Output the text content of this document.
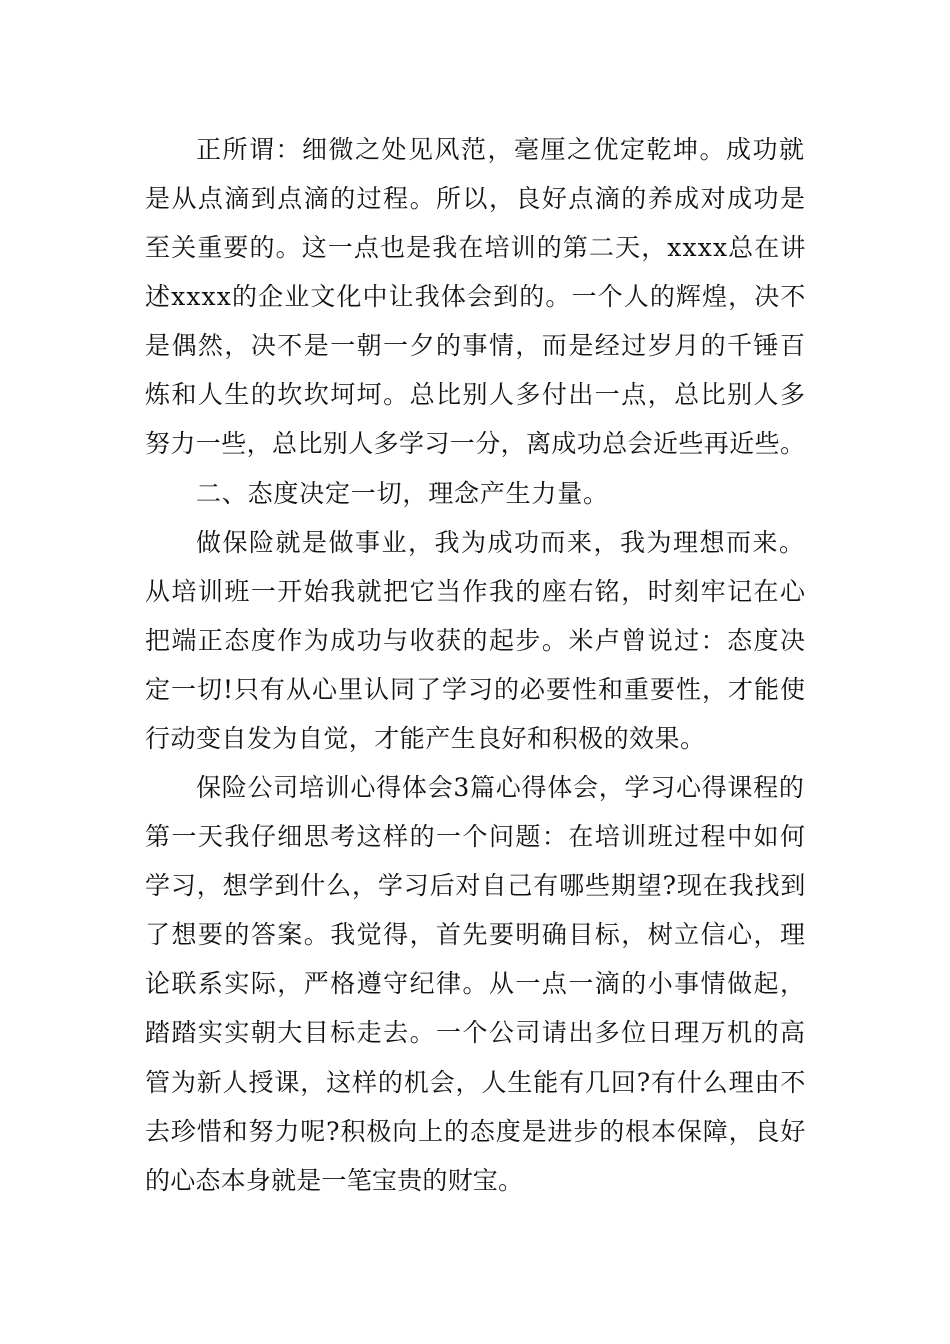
正所谓：细微之处见风范，毫厘之优定乾坤。成功就
是从点滴到点滴的过程。所以，良好点滴的养成对成功是
至关重要的。这一点也是我在培训的第二天，xxxx总在讲
述xxxx的企业文化中让我体会到的。一个人的辉煌，决不
是偶然，决不是一朝一夕的事情，而是经过岁月的千锤百
炼和人生的坎坎坷坷。总比别人多付出一点，总比别人多
努力一些，总比别人多学习一分，离成功总会近些再近些。
二、态度决定一切，理念产生力量。
做保险就是做事业，我为成功而来，我为理想而来。
从培训班一开始我就把它当作我的座右铭，时刻牢记在心
把端正态度作为成功与收获的起步。米卢曾说过：态度决
定一切!只有从心里认同了学习的必要性和重要性，才能使
行动变自发为自觉，才能产生良好和积极的效果。
保险公司培训心得体会3篇心得体会，学习心得课程的
第一天我仔细思考这样的一个问题：在培训班过程中如何
学习，想学到什么，学习后对自己有哪些期望?现在我找到
了想要的答案。我觉得，首先要明确目标，树立信心，理
论联系实际，严格遵守纪律。从一点一滴的小事情做起，
踏踏实实朝大目标走去。一个公司请出多位日理万机的高
管为新人授课，这样的机会，人生能有几回?有什么理由不
去珍惜和努力呢?积极向上的态度是进步的根本保障，良好
的心态本身就是一笔宝贵的财宝。
